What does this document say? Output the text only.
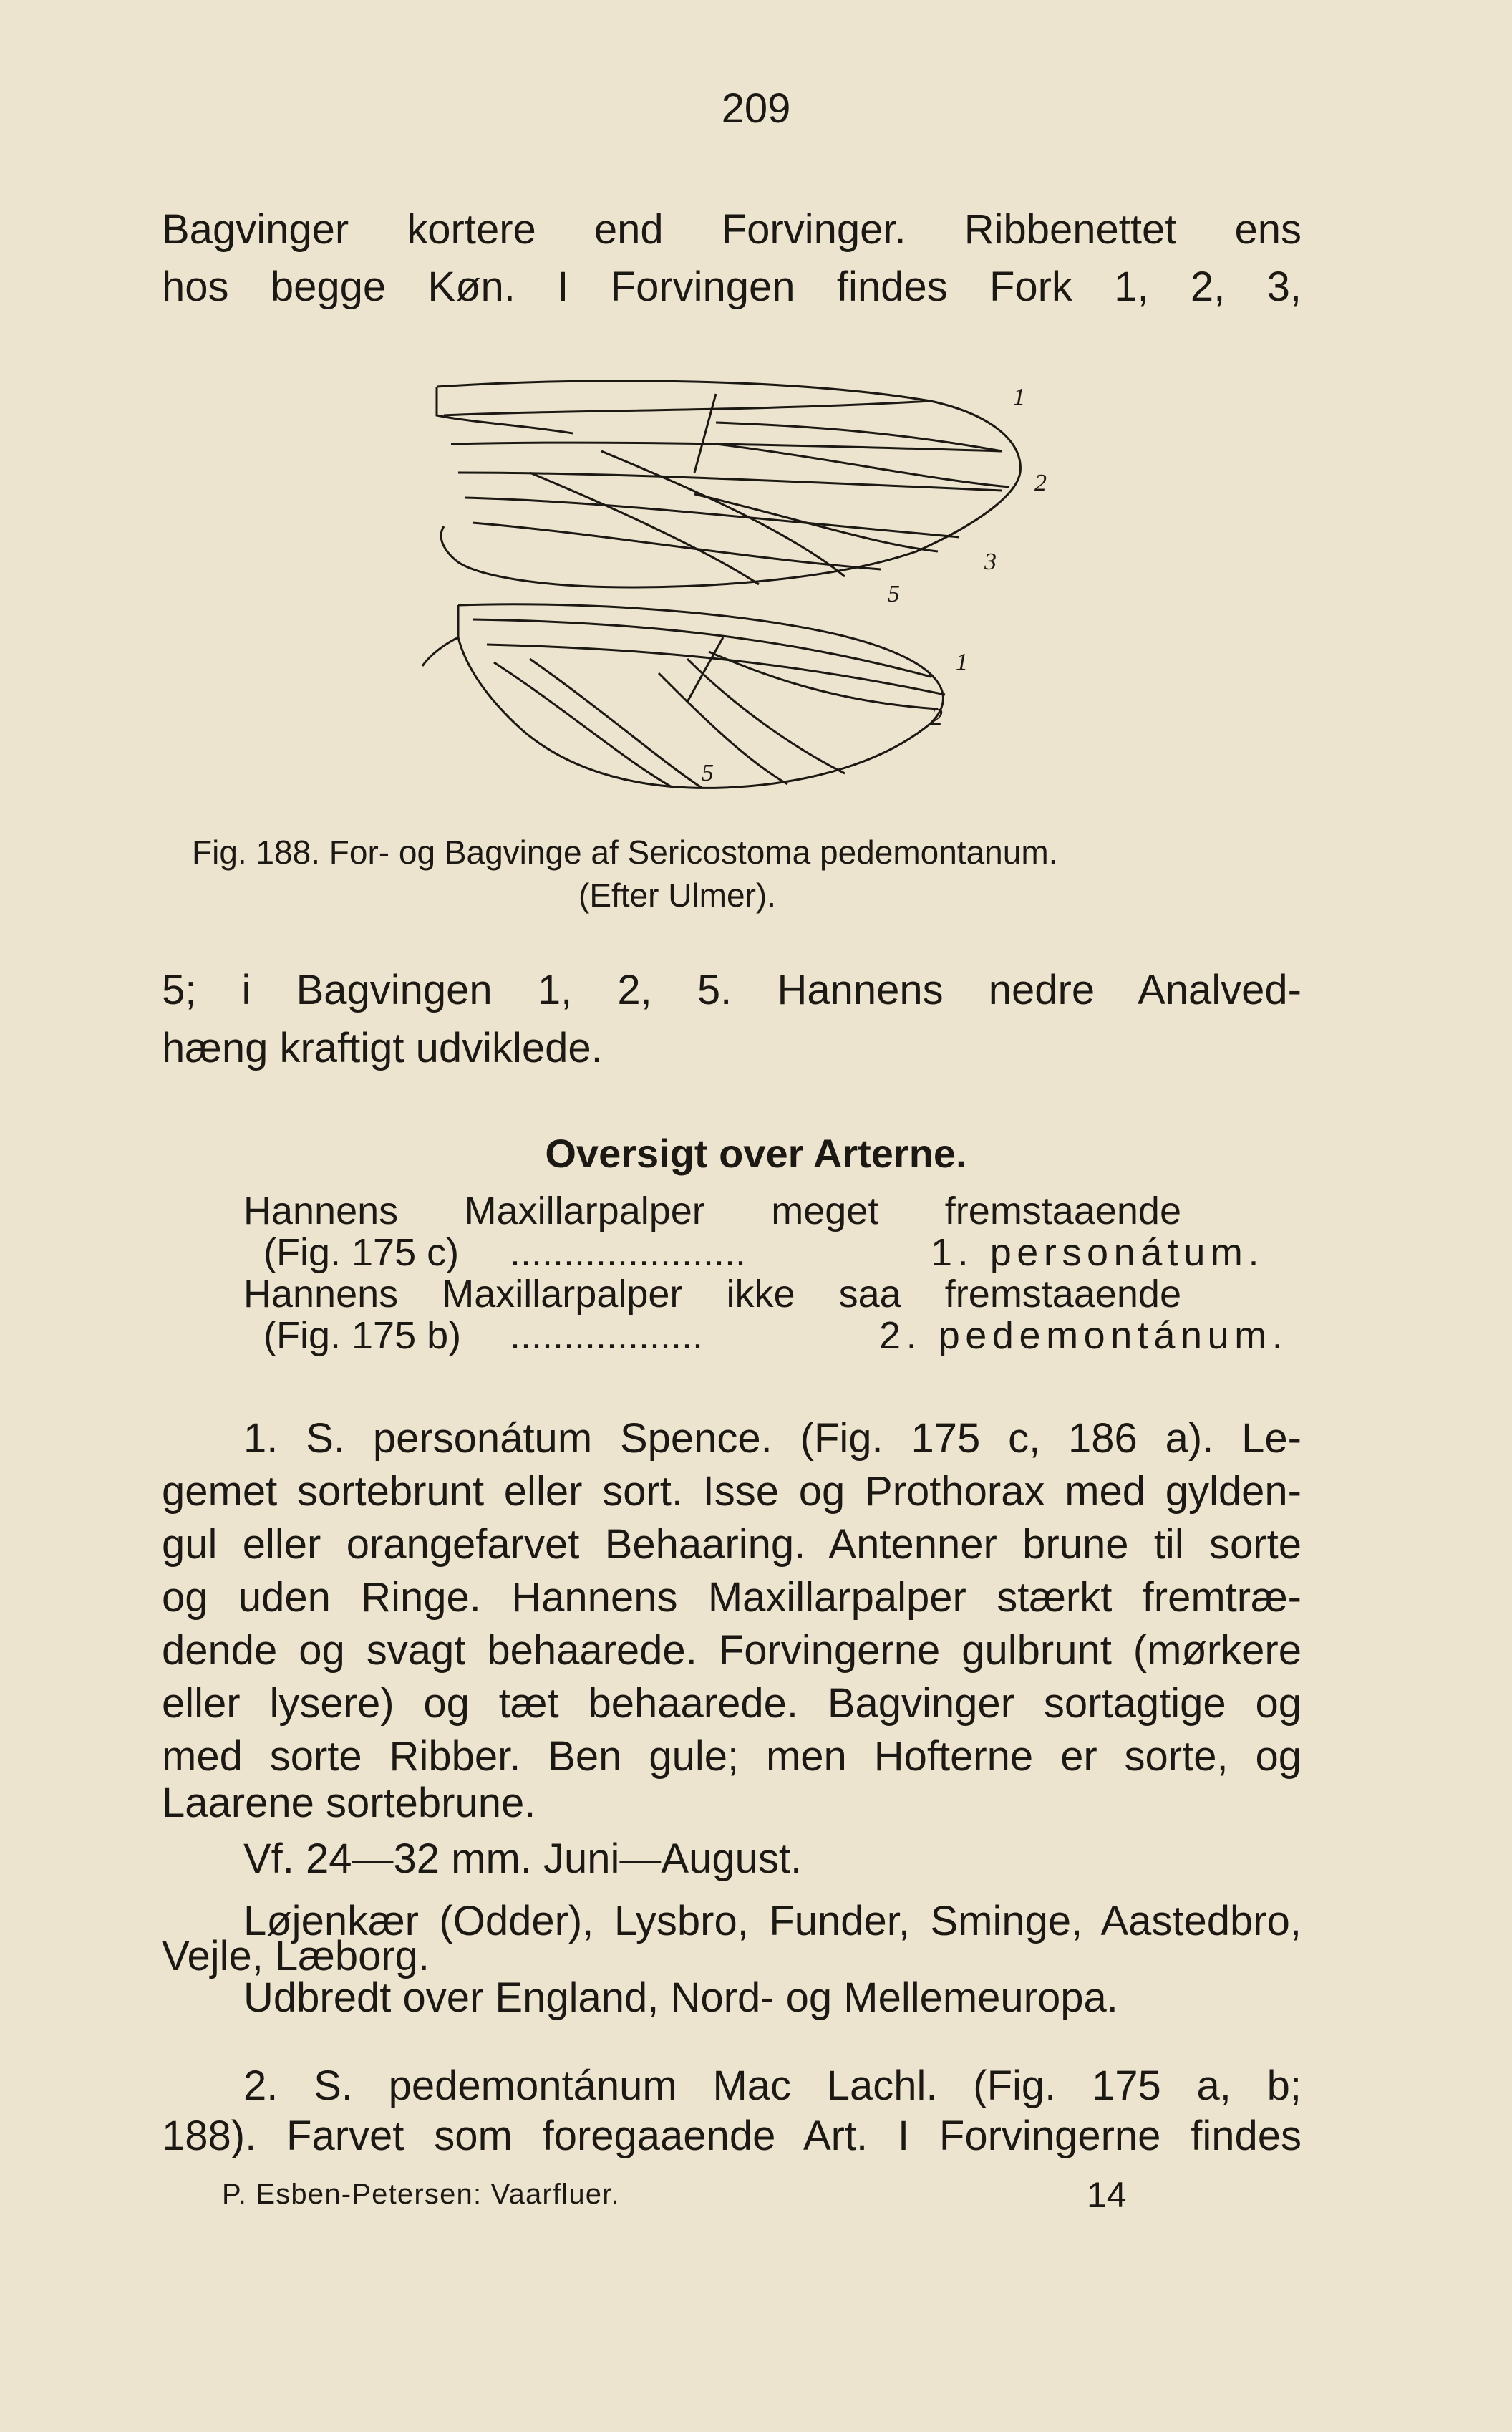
209
Bagvinger kortere end Forvinger. Ribbenettet ens
hos begge Køn. I Forvingen findes Fork 1, 2, 3,
1
2
3
5
1
2
5
Fig. 188. For- og Bagvinge af Sericostoma pedemontanum.
(Efter Ulmer).
5; i Bagvingen 1, 2, 5. Hannens nedre Analved-
hæng kraftigt udviklede.
Oversigt over Arterne.
Hannens Maxillarpalper meget fremstaaende
(Fig. 175 c) ......................	1. personátum.
Hannens Maxillarpalper ikke saa fremstaaende
(Fig. 175 b) ..................	2. pedemontánum.
1. S. personátum Spence. (Fig. 175 c, 186 a). Le-
gemet sortebrunt eller sort. Isse og Prothorax med gylden-
gul eller orangefarvet Behaaring. Antenner brune til sorte
og uden Ringe. Hannens Maxillarpalper stærkt fremtræ-
dende og svagt behaarede. Forvingerne gulbrunt (mørkere
eller lysere) og tæt behaarede. Bagvinger sortagtige og
med sorte Ribber. Ben gule; men Hofterne er sorte, og
Laarene sortebrune.
Vf. 24—32 mm. Juni—August.
Løjenkær (Odder), Lysbro, Funder, Sminge, Aastedbro,
Vejle, Læborg.
Udbredt over England, Nord- og Mellemeuropa.
2. S. pedemontánum Mac Lachl. (Fig. 175 a, b;
188). Farvet som foregaaende Art. I Forvingerne findes
P. Esben-Petersen: Vaarfluer.	14
